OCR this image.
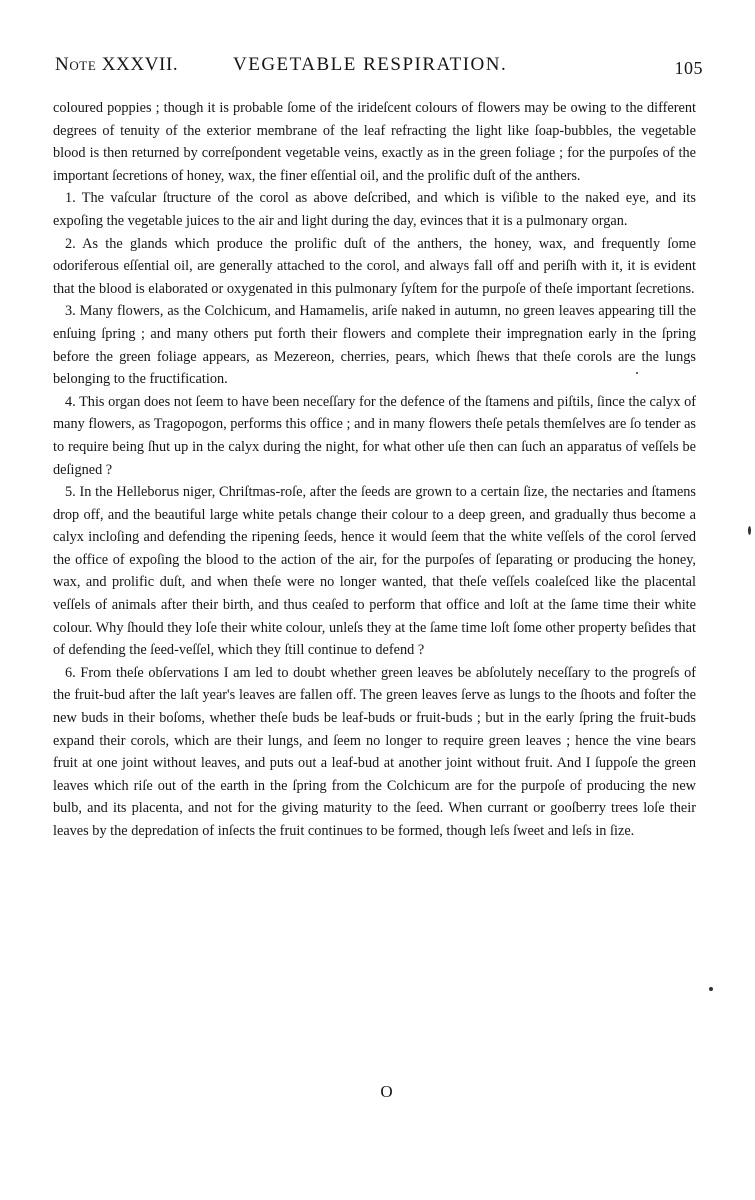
Note XXXVII.	VEGETABLE RESPIRATION.	105

coloured poppies ; though it is probable ſome of the irideſcent colours of flowers may be owing to the different degrees of tenuity of the exterior membrane of the leaf refracting the light like ſoap-bubbles, the vegetable blood is then returned by correſpondent vegetable veins, exactly as in the green foliage ; for the purpoſes of the important ſecretions of honey, wax, the finer eſſential oil, and the prolific duſt of the anthers.

1. The vaſcular ſtructure of the corol as above deſcribed, and which is viſible to the naked eye, and its expoſing the vegetable juices to the air and light during the day, evinces that it is a pulmonary organ.

2. As the glands which produce the prolific duſt of the anthers, the honey, wax, and frequently ſome odoriferous eſſential oil, are generally attached to the corol, and always fall off and periſh with it, it is evident that the blood is elaborated or oxygenated in this pulmonary ſyſtem for the purpoſe of theſe important ſecretions.

3. Many flowers, as the Colchicum, and Hamamelis, ariſe naked in autumn, no green leaves appearing till the enſuing ſpring ; and many others put forth their flowers and complete their impregnation early in the ſpring before the green foliage appears, as Mezereon, cherries, pears, which ſhews that theſe corols are the lungs belonging to the fructification.

4. This organ does not ſeem to have been neceſſary for the defence of the ſtamens and piſtils, ſince the calyx of many flowers, as Tragopogon, performs this office ; and in many flowers theſe petals themſelves are ſo tender as to require being ſhut up in the calyx during the night, for what other uſe then can ſuch an apparatus of veſſels be deſigned ?

5. In the Helleborus niger, Chriſtmas-roſe, after the ſeeds are grown to a certain ſize, the nectaries and ſtamens drop off, and the beautiful large white petals change their colour to a deep green, and gradually thus become a calyx incloſing and defending the ripening ſeeds, hence it would ſeem that the white veſſels of the corol ſerved the office of expoſing the blood to the action of the air, for the purpoſes of ſeparating or producing the honey, wax, and prolific duſt, and when theſe were no longer wanted, that theſe veſſels coaleſced like the placental veſſels of animals after their birth, and thus ceaſed to perform that office and loſt at the ſame time their white colour. Why ſhould they loſe their white colour, unleſs they at the ſame time loſt ſome other property beſides that of defending the ſeed-veſſel, which they ſtill continue to defend ?

6. From theſe obſervations I am led to doubt whether green leaves be abſolutely neceſſary to the progreſs of the fruit-bud after the laſt year's leaves are fallen off. The green leaves ſerve as lungs to the ſhoots and foſter the new buds in their boſoms, whether theſe buds be leaf-buds or fruit-buds ; but in the early ſpring the fruit-buds expand their corols, which are their lungs, and ſeem no longer to require green leaves ; hence the vine bears fruit at one joint without leaves, and puts out a leaf-bud at another joint without fruit. And I ſuppoſe the green leaves which riſe out of the earth in the ſpring from the Colchicum are for the purpoſe of producing the new bulb, and its placenta, and not for the giving maturity to the ſeed. When currant or gooſberry trees loſe their leaves by the depredation of inſects the fruit continues to be formed, though leſs ſweet and leſs in ſize.

O
